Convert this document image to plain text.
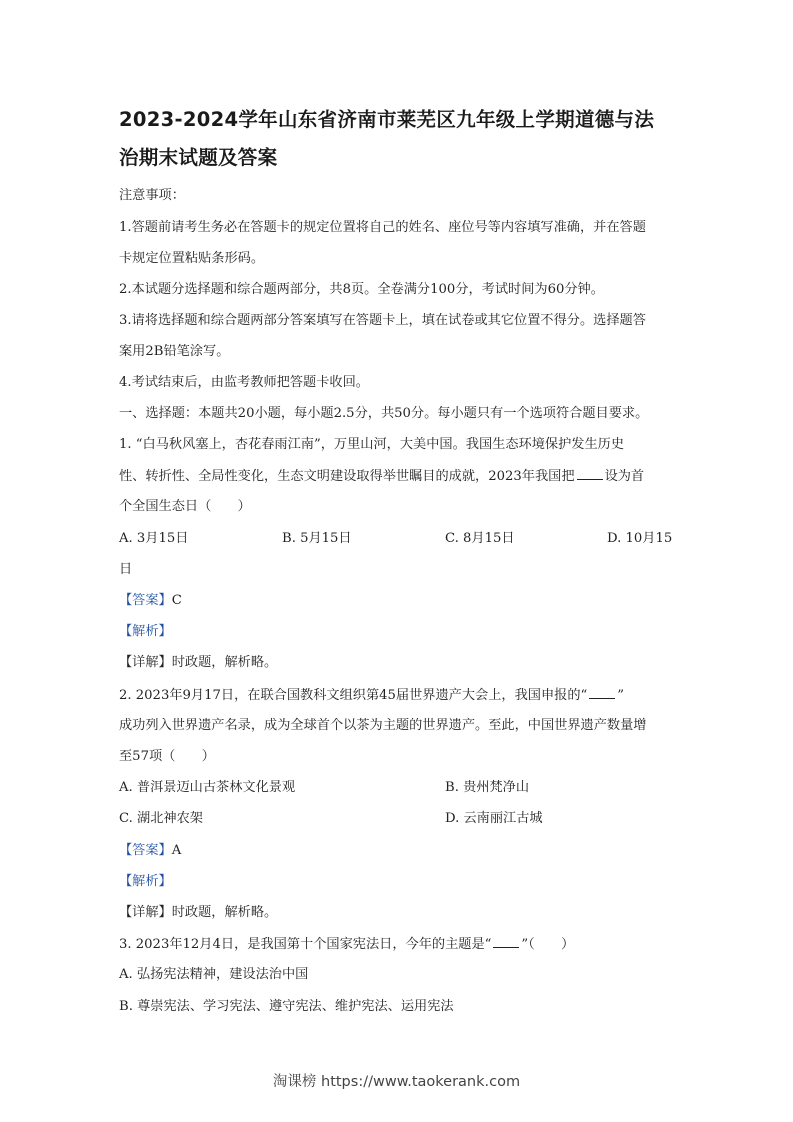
2023-2024学年山东省济南市莱芜区九年级上学期道德与法
治期末试题及答案
注意事项：
1.答题前请考生务必在答题卡的规定位置将自己的姓名、座位号等内容填写准确，并在答题
卡规定位置粘贴条形码。
2.本试题分选择题和综合题两部分，共8页。全卷满分100分，考试时间为60分钟。
3.请将选择题和综合题两部分答案填写在答题卡上，填在试卷或其它位置不得分。选择题答
案用2B铅笔涂写。
4.考试结束后，由监考教师把答题卡收回。
一、选择题：本题共20小题，每小题2.5分，共50分。每小题只有一个选项符合题目要求。
1. “白马秋风塞上，杏花春雨江南”，万里山河，大美中国。我国生态环境保护发生历史
性、转折性、全局性变化，生态文明建设取得举世瞩目的成就，2023年我国把 设为首
个全国生态日（　　）
A. 3月15日	B. 5月15日	C. 8月15日	D. 10月15
日
【答案】C
【解析】
【详解】时政题，解析略。
2. 2023年9月17日，在联合国教科文组织第45届世界遗产大会上，我国申报的“ ”
成功列入世界遗产名录，成为全球首个以茶为主题的世界遗产。至此，中国世界遗产数量增
至57项（　　）
A. 普洱景迈山古茶林文化景观	B. 贵州梵净山
C. 湖北神农架	D. 云南丽江古城
【答案】A
【解析】
【详解】时政题，解析略。
3. 2023年12月4日，是我国第十个国家宪法日，今年的主题是“ ”（　　）
A. 弘扬宪法精神，建设法治中国
B. 尊崇宪法、学习宪法、遵守宪法、维护宪法、运用宪法
淘课榜 https://www.taokerank.com
